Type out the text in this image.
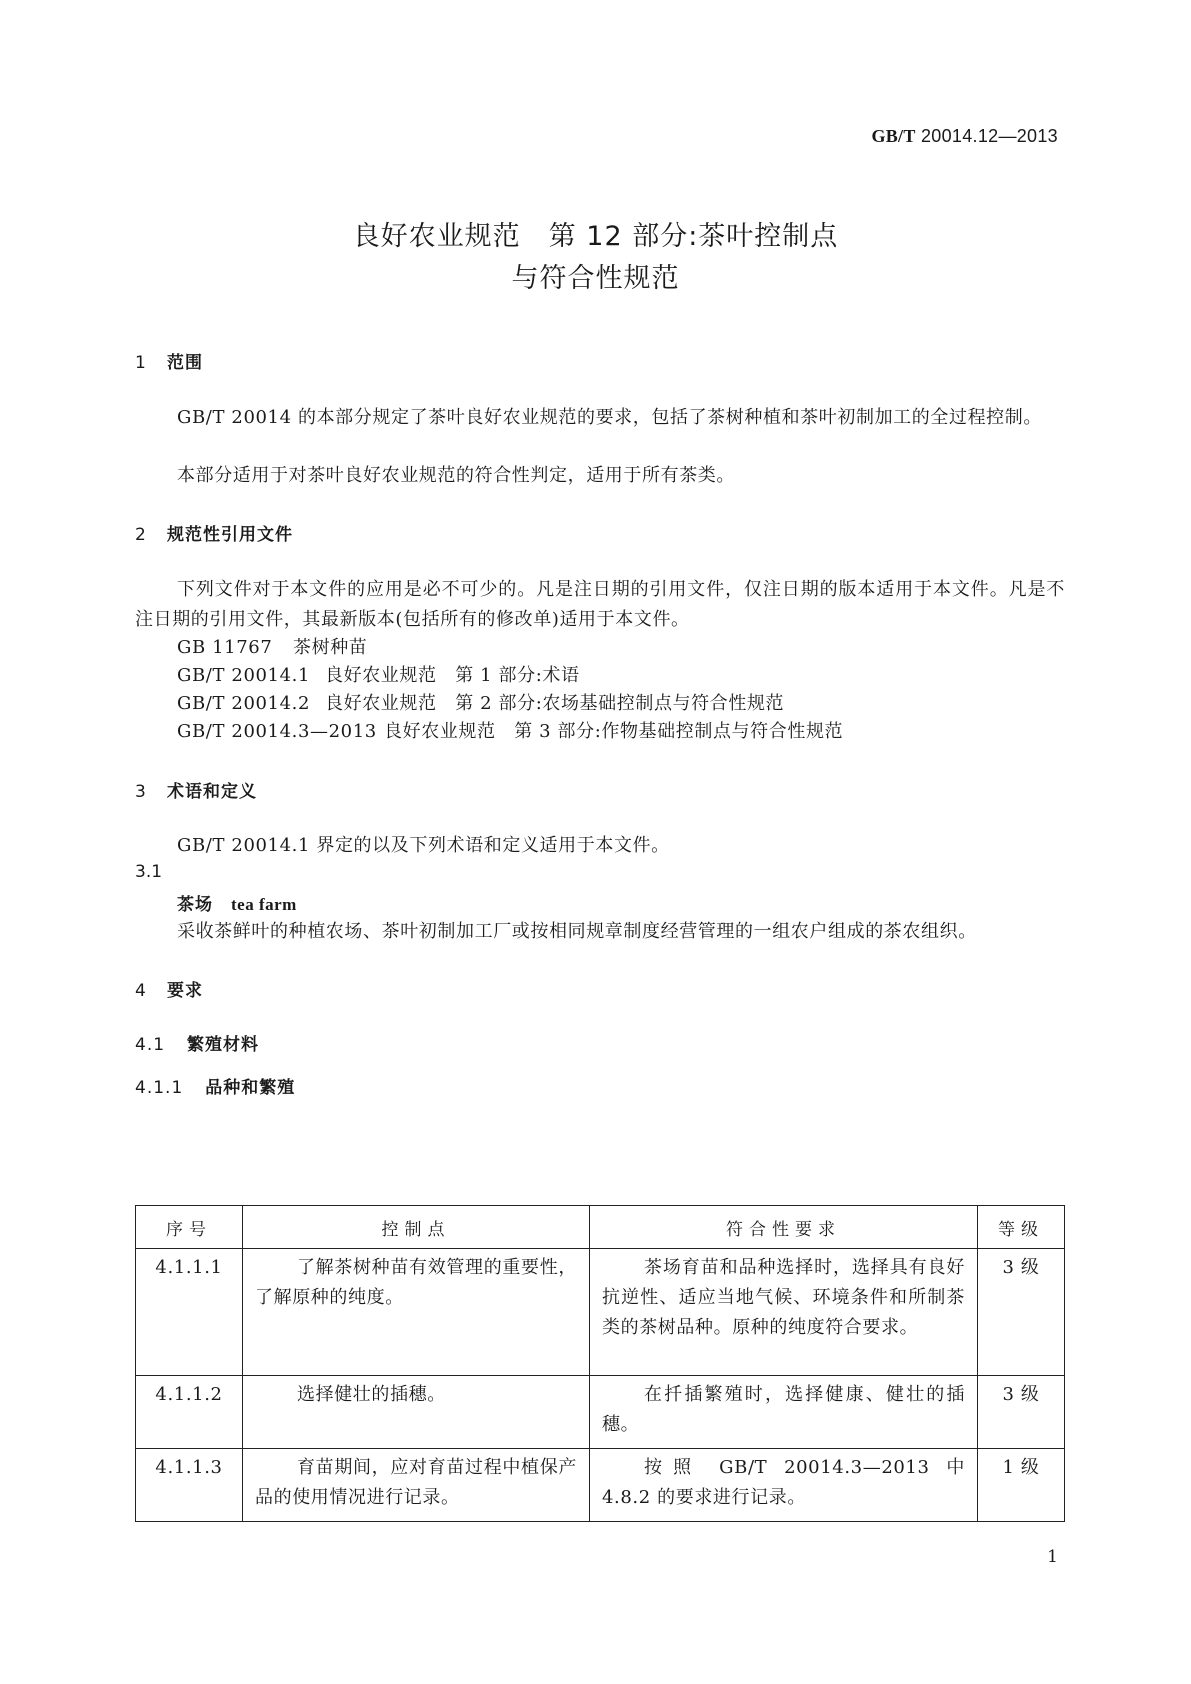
GB/T 20014.12—2013
良好农业规范　第 12 部分:茶叶控制点
与符合性规范
1 范围
GB/T 20014 的本部分规定了茶叶良好农业规范的要求，包括了茶树种植和茶叶初制加工的全过程控制。
本部分适用于对茶叶良好农业规范的符合性判定，适用于所有茶类。
2 规范性引用文件
下列文件对于本文件的应用是必不可少的。凡是注日期的引用文件，仅注日期的版本适用于本文件。凡是不注日期的引用文件，其最新版本(包括所有的修改单)适用于本文件。
GB 11767 茶树种苗
GB/T 20014.1 良好农业规范　第 1 部分:术语
GB/T 20014.2 良好农业规范　第 2 部分:农场基础控制点与符合性规范
GB/T 20014.3—2013 良好农业规范　第 3 部分:作物基础控制点与符合性规范
3 术语和定义
GB/T 20014.1 界定的以及下列术语和定义适用于本文件。
3.1
茶场 tea farm
采收茶鲜叶的种植农场、茶叶初制加工厂或按相同规章制度经营管理的一组农户组成的茶农组织。
4 要求
4.1 繁殖材料
4.1.1 品种和繁殖
序号	控制点	符合性要求	等级
4.1.1.1	了解茶树种苗有效管理的重要性，了解原种的纯度。	茶场育苗和品种选择时，选择具有良好抗逆性、适应当地气候、环境条件和所制茶类的茶树品种。原种的纯度符合要求。	3 级
4.1.1.2	选择健壮的插穗。	在扦插繁殖时，选择健康、健壮的插穗。	3 级
4.1.1.3	育苗期间，应对育苗过程中植保产品的使用情况进行记录。	按照 GB/T 20014.3—2013 中 4.8.2 的要求进行记录。	1 级
1
